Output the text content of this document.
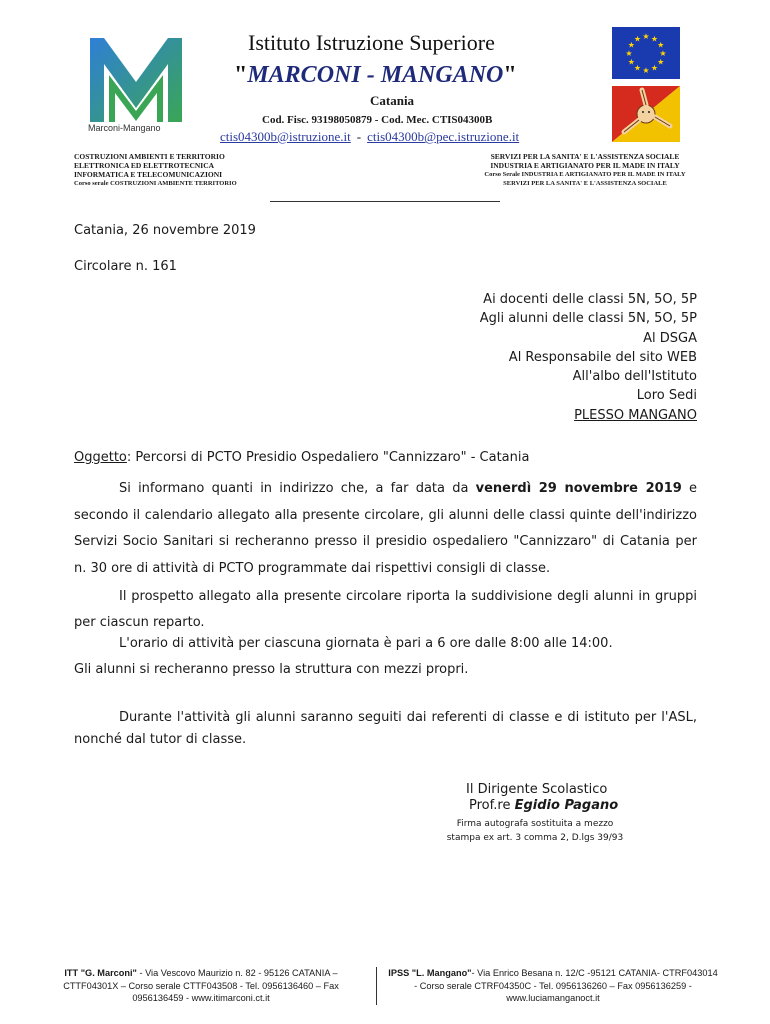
Marconi-Mangano
Istituto Istruzione Superiore
"MARCONI - MANGANO"
Catania
Cod. Fisc. 93198050879 - Cod. Mec. CTIS04300B
ctis04300b@istruzione.it - ctis04300b@pec.istruzione.it
COSTRUZIONI AMBIENTI E TERRITORIO
ELETTRONICA ED ELETTROTECNICA
INFORMATICA E TELECOMUNICAZIONI
Corso serale COSTRUZIONI AMBIENTE TERRITORIO
SERVIZI PER LA SANITA' E L'ASSISTENZA SOCIALE
INDUSTRIA E ARTIGIANATO PER IL MADE IN ITALY
Corso Serale INDUSTRIA E ARTIGIANATO PER IL MADE IN ITALY
SERVIZI PER LA SANITA' E L'ASSISTENZA SOCIALE
★ ★
★
★
★
★
★
★
★
★
★
★
Catania, 26 novembre 2019
Circolare n. 161
Ai docenti delle classi 5N, 5O, 5P
Agli alunni delle classi 5N, 5O, 5P
Al DSGA
Al Responsabile del sito WEB
All'albo dell'Istituto
Loro Sedi
PLESSO MANGANO
Oggetto: Percorsi di PCTO Presidio Ospedaliero "Cannizzaro" - Catania
Si informano quanti in indirizzo che, a far data da venerdì 29 novembre 2019 e secondo il calendario allegato alla presente circolare, gli alunni delle classi quinte dell'indirizzo Servizi Socio Sanitari si recheranno presso il presidio ospedaliero "Cannizzaro" di Catania per n. 30 ore di attività di PCTO programmate dai rispettivi consigli di classe.
Il prospetto allegato alla presente circolare riporta la suddivisione degli alunni in gruppi per ciascun reparto.
L'orario di attività per ciascuna giornata è pari a 6 ore dalle 8:00 alle 14:00.
Gli alunni si recheranno presso la struttura con mezzi propri.
Durante l'attività gli alunni saranno seguiti dai referenti di classe e di istituto per l'ASL, nonché dal tutor di classe.
Il Dirigente Scolastico
Prof.re Egidio Pagano
Firma autografa sostituita a mezzo
stampa ex art. 3 comma 2, D.lgs 39/93
ITT "G. Marconi" - Via Vescovo Maurizio n. 82 - 95126 CATANIA – CTTF04301X – Corso serale CTTF043508 - Tel. 0956136460 – Fax 0956136459 - www.itimarconi.ct.it
IPSS "L. Mangano"- Via Enrico Besana n. 12/C -95121 CATANIA- CTRF043014 - Corso serale CTRF04350C - Tel. 0956136260 – Fax 0956136259 - www.luciamanganoct.it
